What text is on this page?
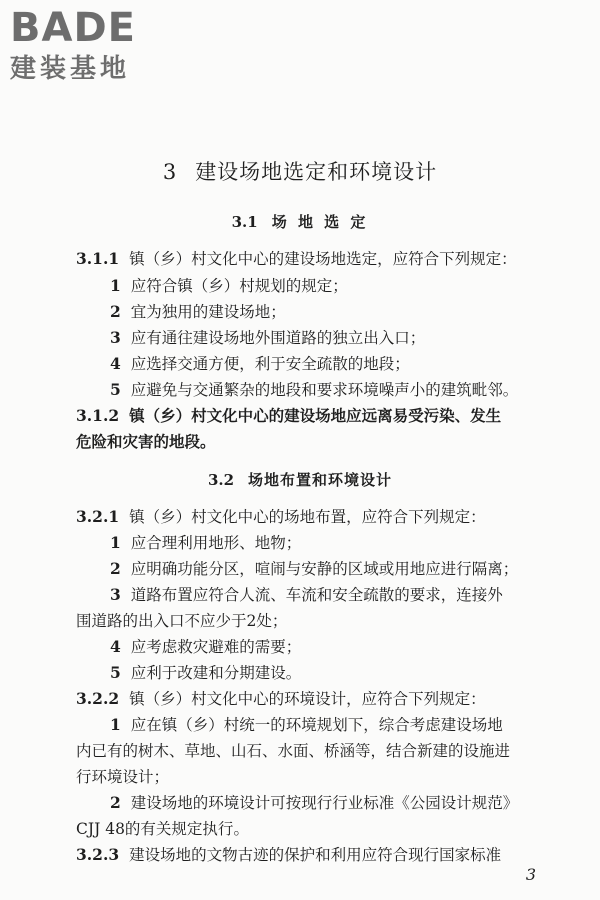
BADE
建装基地
3 建设场地选定和环境设计
3.1 场 地 选 定
3.1.1 镇（乡）村文化中心的建设场地选定，应符合下列规定：
1 应符合镇（乡）村规划的规定；
2 宜为独用的建设场地；
3 应有通往建设场地外围道路的独立出入口；
4 应选择交通方便，利于安全疏散的地段；
5 应避免与交通繁杂的地段和要求环境噪声小的建筑毗邻。
3.1.2 镇（乡）村文化中心的建设场地应远离易受污染、发生
危险和灾害的地段。
3.2 场地布置和环境设计
3.2.1 镇（乡）村文化中心的场地布置，应符合下列规定：
1 应合理利用地形、地物；
2 应明确功能分区，喧闹与安静的区域或用地应进行隔离；
3 道路布置应符合人流、车流和安全疏散的要求，连接外
围道路的出入口不应少于2处；
4 应考虑救灾避难的需要；
5 应利于改建和分期建设。
3.2.2 镇（乡）村文化中心的环境设计，应符合下列规定：
1 应在镇（乡）村统一的环境规划下，综合考虑建设场地
内已有的树木、草地、山石、水面、桥涵等，结合新建的设施进
行环境设计；
2 建设场地的环境设计可按现行行业标准《公园设计规范》
CJJ 48的有关规定执行。
3.2.3 建设场地的文物古迹的保护和利用应符合现行国家标准
3
